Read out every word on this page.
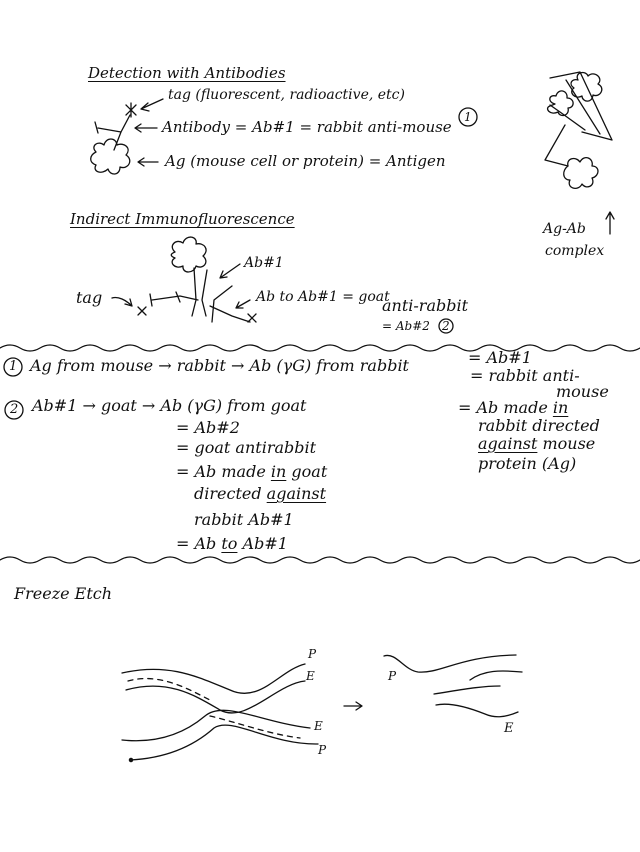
Detection with Antibodies
tag (fluorescent, radioactive, etc)
Antibody = Ab#1 = rabbit anti-mouse
1
Ag (mouse cell or protein) = Antigen
Ag-Ab
complex
Indirect Immunofluorescence
Ab#1
tag	Ab to Ab#1 = goat
anti-rabbit
= Ab#2 2
1 Ag from mouse → rabbit → Ab (γG) from rabbit	= Ab#1
= rabbit anti-
mouse
2 Ab#1 → goat → Ab (γG) from goat
= Ab#2
= goat antirabbit
= Ab made in goat
directed against
rabbit Ab#1
= Ab to Ab#1
= Ab made in
rabbit directed
against mouse
protein (Ag)
Freeze Etch
P
E
E
P
P
E
